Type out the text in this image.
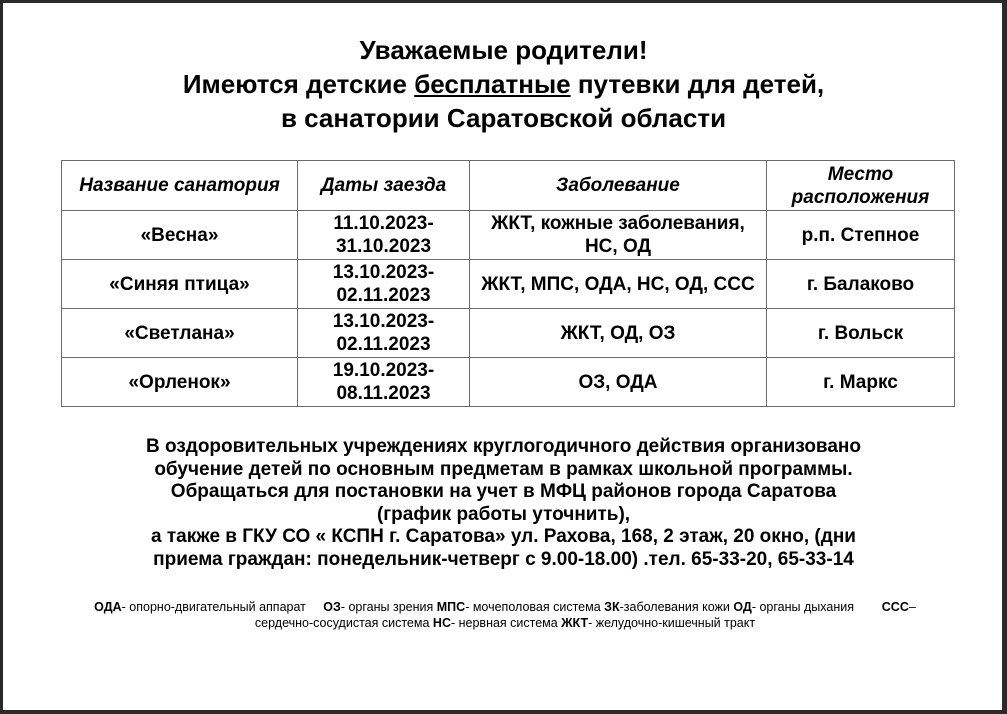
Уважаемые родители!
Имеются детские бесплатные путевки для детей,
в санатории Саратовской области
Название санатория	Даты заезда	Заболевание	Место расположения
«Весна»	11.10.2023-31.10.2023	ЖКТ, кожные заболевания, НС, ОД	р.п. Степное
«Синяя птица»	13.10.2023-02.11.2023	ЖКТ, МПС, ОДА, НС, ОД, ССС	г. Балаково
«Светлана»	13.10.2023-02.11.2023	ЖКТ, ОД, ОЗ	г. Вольск
«Орленок»	19.10.2023-08.11.2023	ОЗ, ОДА	г. Маркс
В оздоровительных учреждениях круглогодичного действия организовано
обучение детей по основным предметам в рамках школьной программы.
Обращаться для постановки на учет в МФЦ районов города Саратова
(график работы уточнить),
а также в ГКУ СО « КСПН г. Саратова» ул. Рахова, 168, 2 этаж, 20 окно, (дни
приема граждан: понедельник-четверг с 9.00-18.00) .тел. 65-33-20, 65-33-14
ОДА- опорно-двигательный аппарат ОЗ- органы зрения МПС- мочеполовая система ЗК-заболевания кожи ОД- органы дыхания ССС– сердечно-сосудистая система НС- нервная система ЖКТ- желудочно-кишечный тракт
